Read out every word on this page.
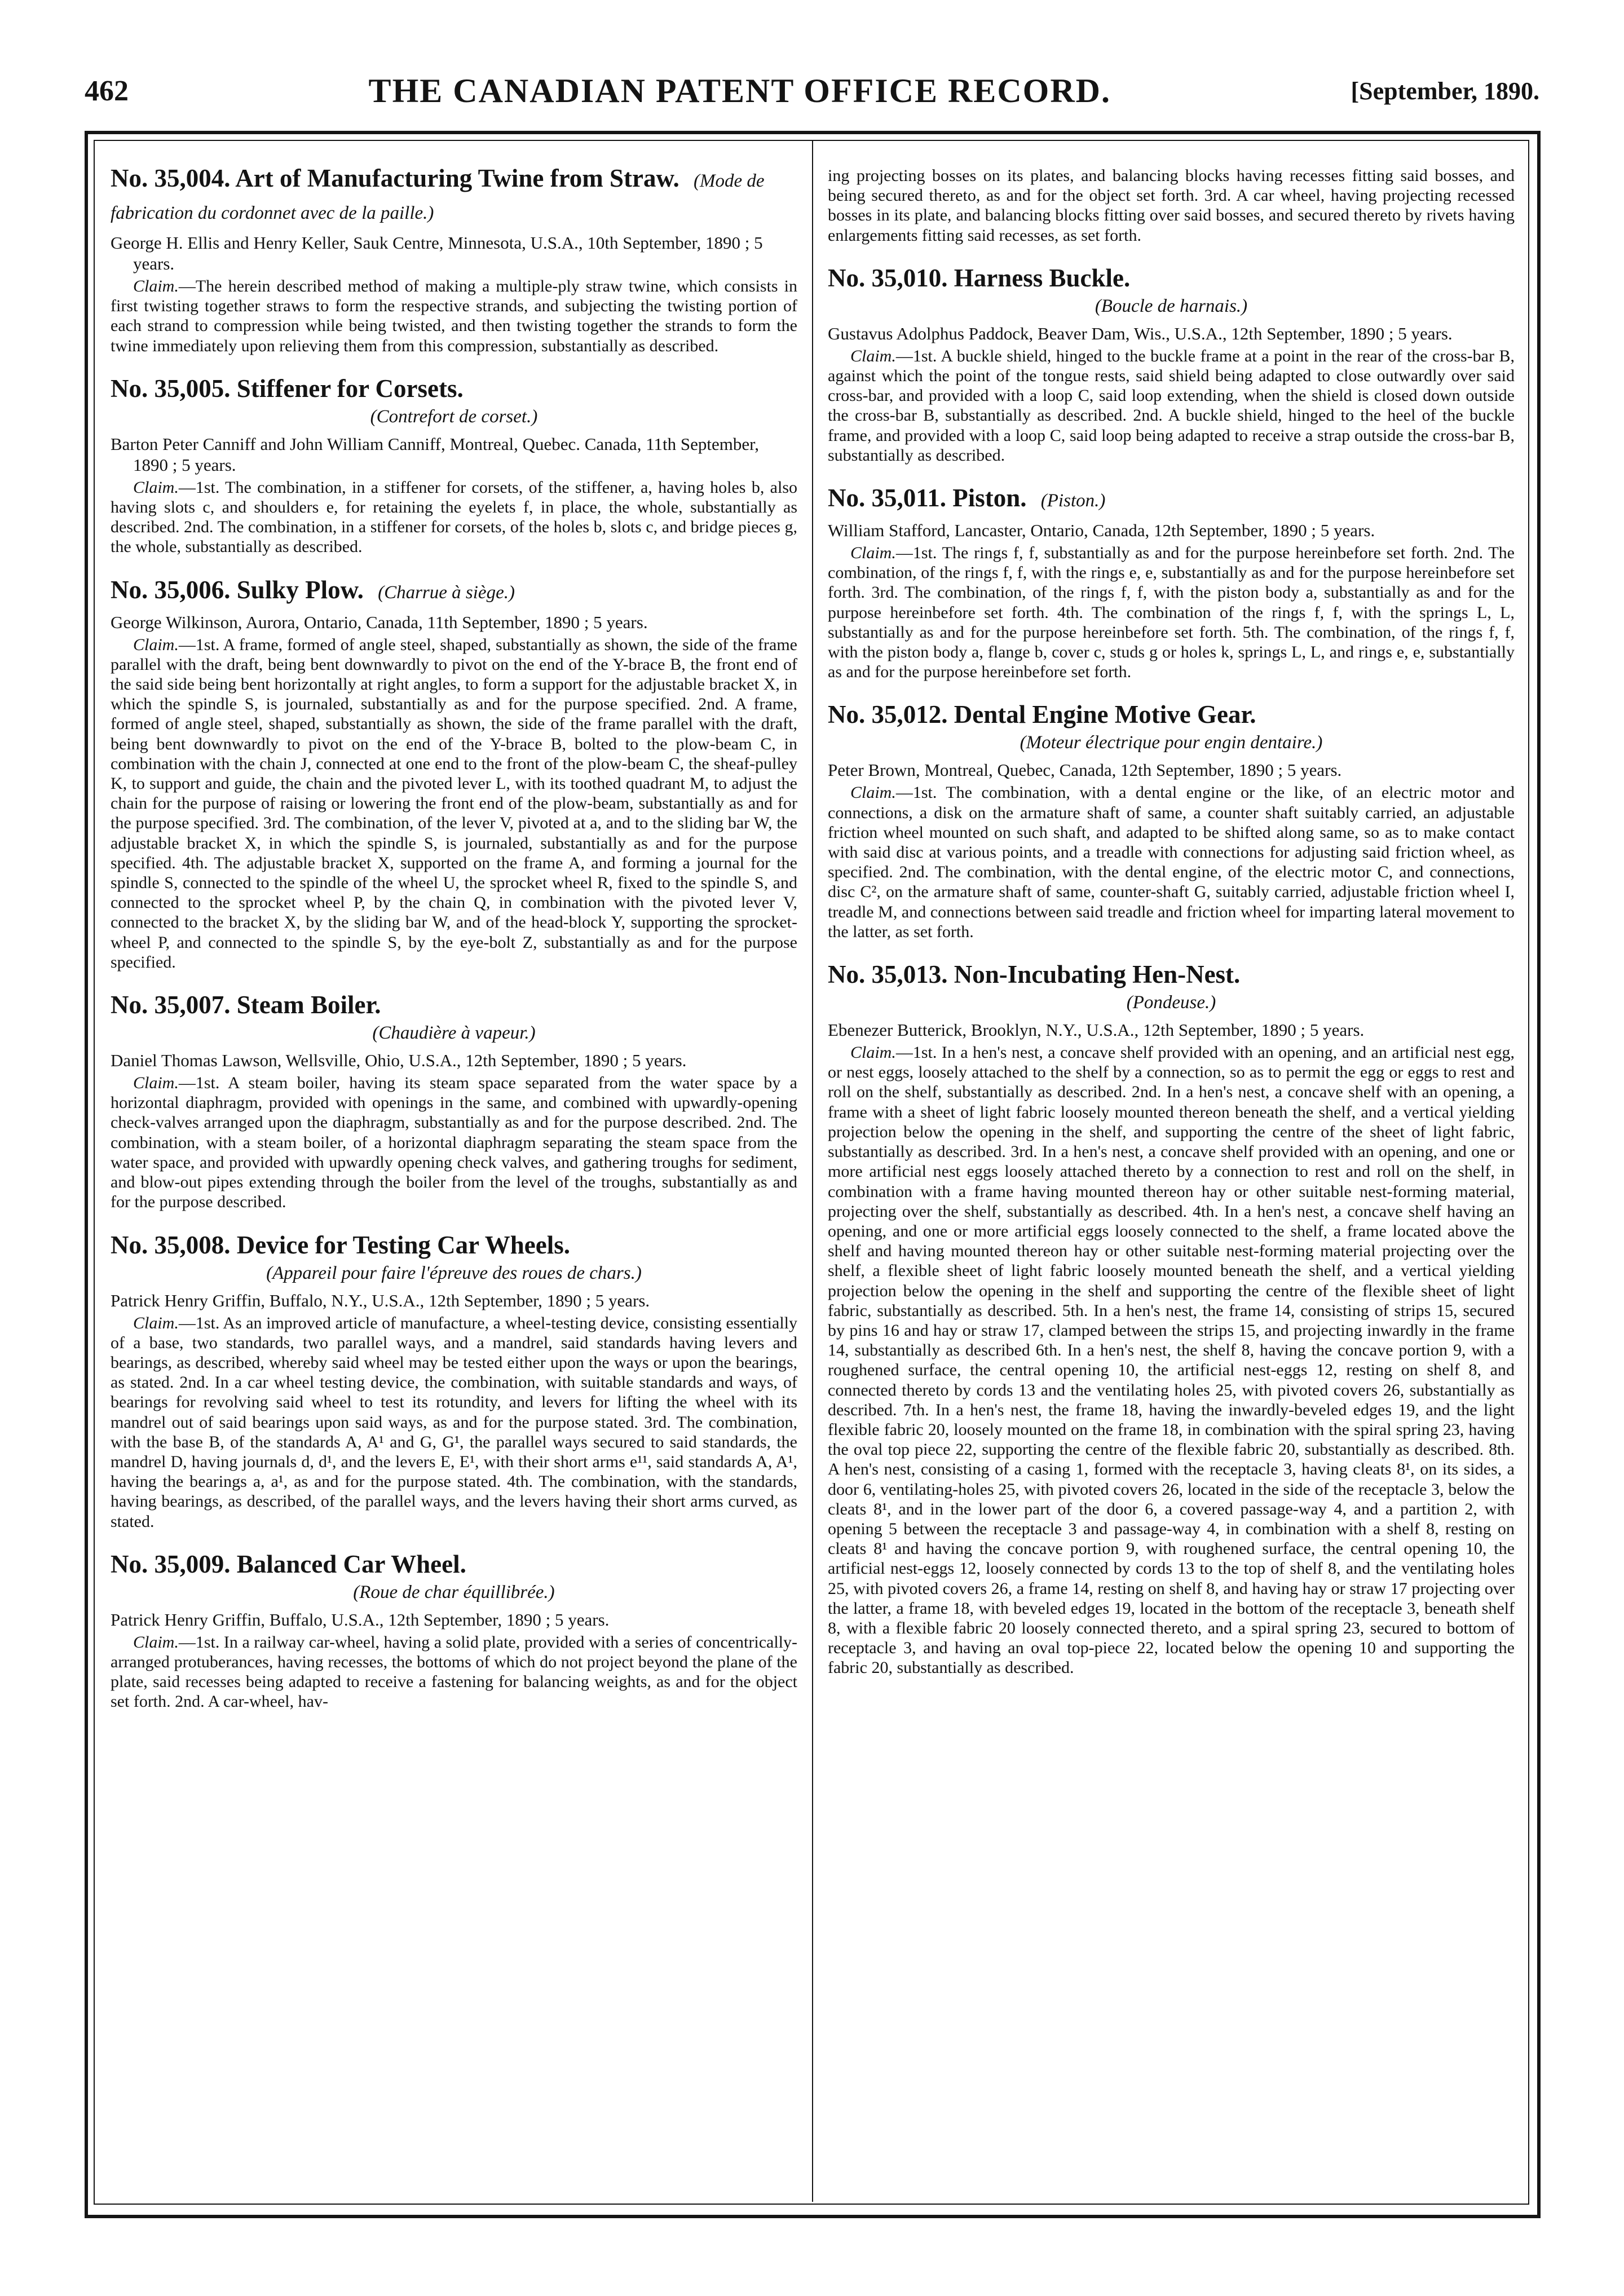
462	THE CANADIAN PATENT OFFICE RECORD.	[September, 1890.

No. 35,004. Art of Manufacturing Twine from Straw. (Mode de fabrication du cordonnet avec de la paille.)

George H. Ellis and Henry Keller, Sauk Centre, Minnesota, U.S.A., 10th September, 1890 ; 5 years.

Claim.—The herein described method of making a multiple-ply straw twine, which consists in first twisting together straws to form the respective strands, and subjecting the twisting portion of each strand to compression while being twisted, and then twisting together the strands to form the twine immediately upon relieving them from this compression, substantially as described.

No. 35,005. Stiffener for Corsets.

(Contrefort de corset.)

Barton Peter Canniff and John William Canniff, Montreal, Quebec. Canada, 11th September, 1890 ; 5 years.

Claim.—1st. The combination, in a stiffener for corsets, of the stiffener, a, having holes b, also having slots c, and shoulders e, for retaining the eyelets f, in place, the whole, substantially as described. 2nd. The combination, in a stiffener for corsets, of the holes b, slots c, and bridge pieces g, the whole, substantially as described.

No. 35,006. Sulky Plow. (Charrue à siège.)

George Wilkinson, Aurora, Ontario, Canada, 11th September, 1890 ; 5 years.

Claim.—1st. A frame, formed of angle steel, shaped, substantially as shown, the side of the frame parallel with the draft, being bent downwardly to pivot on the end of the Y-brace B, the front end of the said side being bent horizontally at right angles, to form a support for the adjustable bracket X, in which the spindle S, is journaled, substantially as and for the purpose specified. 2nd. A frame, formed of angle steel, shaped, substantially as shown, the side of the frame parallel with the draft, being bent downwardly to pivot on the end of the Y-brace B, bolted to the plow-beam C, in combination with the chain J, connected at one end to the front of the plow-beam C, the sheaf-pulley K, to support and guide, the chain and the pivoted lever L, with its toothed quadrant M, to adjust the chain for the purpose of raising or lowering the front end of the plow-beam, substantially as and for the purpose specified. 3rd. The combination, of the lever V, pivoted at a, and to the sliding bar W, the adjustable bracket X, in which the spindle S, is journaled, substantially as and for the purpose specified. 4th. The adjustable bracket X, supported on the frame A, and forming a journal for the spindle S, connected to the spindle of the wheel U, the sprocket wheel R, fixed to the spindle S, and connected to the sprocket wheel P, by the chain Q, in combination with the pivoted lever V, connected to the bracket X, by the sliding bar W, and of the head-block Y, supporting the sprocket-wheel P, and connected to the spindle S, by the eye-bolt Z, substantially as and for the purpose specified.

No. 35,007. Steam Boiler.

(Chaudière à vapeur.)

Daniel Thomas Lawson, Wellsville, Ohio, U.S.A., 12th September, 1890 ; 5 years.

Claim.—1st. A steam boiler, having its steam space separated from the water space by a horizontal diaphragm, provided with openings in the same, and combined with upwardly-opening check-valves arranged upon the diaphragm, substantially as and for the purpose described. 2nd. The combination, with a steam boiler, of a horizontal diaphragm separating the steam space from the water space, and provided with upwardly opening check valves, and gathering troughs for sediment, and blow-out pipes extending through the boiler from the level of the troughs, substantially as and for the purpose described.

No. 35,008. Device for Testing Car Wheels.

(Appareil pour faire l'épreuve des roues de chars.)

Patrick Henry Griffin, Buffalo, N.Y., U.S.A., 12th September, 1890 ; 5 years.

Claim.—1st. As an improved article of manufacture, a wheel-testing device, consisting essentially of a base, two standards, two parallel ways, and a mandrel, said standards having levers and bearings, as described, whereby said wheel may be tested either upon the ways or upon the bearings, as stated. 2nd. In a car wheel testing device, the combination, with suitable standards and ways, of bearings for revolving said wheel to test its rotundity, and levers for lifting the wheel with its mandrel out of said bearings upon said ways, as and for the purpose stated. 3rd. The combination, with the base B, of the standards A, A¹ and G, G¹, the parallel ways secured to said standards, the mandrel D, having journals d, d¹, and the levers E, E¹, with their short arms e¹¹, said standards A, A¹, having the bearings a, a¹, as and for the purpose stated. 4th. The combination, with the standards, having bearings, as described, of the parallel ways, and the levers having their short arms curved, as stated.

No. 35,009. Balanced Car Wheel.

(Roue de char équillibrée.)

Patrick Henry Griffin, Buffalo, U.S.A., 12th September, 1890 ; 5 years.

Claim.—1st. In a railway car-wheel, having a solid plate, provided with a series of concentrically-arranged protuberances, having recesses, the bottoms of which do not project beyond the plane of the plate, said recesses being adapted to receive a fastening for balancing weights, as and for the object set forth. 2nd. A car-wheel, hav-

ing projecting bosses on its plates, and balancing blocks having recesses fitting said bosses, and being secured thereto, as and for the object set forth. 3rd. A car wheel, having projecting recessed bosses in its plate, and balancing blocks fitting over said bosses, and secured thereto by rivets having enlargements fitting said recesses, as set forth.

No. 35,010. Harness Buckle.

(Boucle de harnais.)

Gustavus Adolphus Paddock, Beaver Dam, Wis., U.S.A., 12th September, 1890 ; 5 years.

Claim.—1st. A buckle shield, hinged to the buckle frame at a point in the rear of the cross-bar B, against which the point of the tongue rests, said shield being adapted to close outwardly over said cross-bar, and provided with a loop C, said loop extending, when the shield is closed down outside the cross-bar B, substantially as described. 2nd. A buckle shield, hinged to the heel of the buckle frame, and provided with a loop C, said loop being adapted to receive a strap outside the cross-bar B, substantially as described.

No. 35,011. Piston. (Piston.)

William Stafford, Lancaster, Ontario, Canada, 12th September, 1890 ; 5 years.

Claim.—1st. The rings f, f, substantially as and for the purpose hereinbefore set forth. 2nd. The combination, of the rings f, f, with the rings e, e, substantially as and for the purpose hereinbefore set forth. 3rd. The combination, of the rings f, f, with the piston body a, substantially as and for the purpose hereinbefore set forth. 4th. The combination of the rings f, f, with the springs L, L, substantially as and for the purpose hereinbefore set forth. 5th. The combination, of the rings f, f, with the piston body a, flange b, cover c, studs g or holes k, springs L, L, and rings e, e, substantially as and for the purpose hereinbefore set forth.

No. 35,012. Dental Engine Motive Gear.

(Moteur électrique pour engin dentaire.)

Peter Brown, Montreal, Quebec, Canada, 12th September, 1890 ; 5 years.

Claim.—1st. The combination, with a dental engine or the like, of an electric motor and connections, a disk on the armature shaft of same, a counter shaft suitably carried, an adjustable friction wheel mounted on such shaft, and adapted to be shifted along same, so as to make contact with said disc at various points, and a treadle with connections for adjusting said friction wheel, as specified. 2nd. The combination, with the dental engine, of the electric motor C, and connections, disc C², on the armature shaft of same, counter-shaft G, suitably carried, adjustable friction wheel I, treadle M, and connections between said treadle and friction wheel for imparting lateral movement to the latter, as set forth.

No. 35,013. Non-Incubating Hen-Nest.

(Pondeuse.)

Ebenezer Butterick, Brooklyn, N.Y., U.S.A., 12th September, 1890 ; 5 years.

Claim.—1st. In a hen's nest, a concave shelf provided with an opening, and an artificial nest egg, or nest eggs, loosely attached to the shelf by a connection, so as to permit the egg or eggs to rest and roll on the shelf, substantially as described. 2nd. In a hen's nest, a concave shelf with an opening, a frame with a sheet of light fabric loosely mounted thereon beneath the shelf, and a vertical yielding projection below the opening in the shelf, and supporting the centre of the sheet of light fabric, substantially as described. 3rd. In a hen's nest, a concave shelf provided with an opening, and one or more artificial nest eggs loosely attached thereto by a connection to rest and roll on the shelf, in combination with a frame having mounted thereon hay or other suitable nest-forming material, projecting over the shelf, substantially as described. 4th. In a hen's nest, a concave shelf having an opening, and one or more artificial eggs loosely connected to the shelf, a frame located above the shelf and having mounted thereon hay or other suitable nest-forming material projecting over the shelf, a flexible sheet of light fabric loosely mounted beneath the shelf, and a vertical yielding projection below the opening in the shelf and supporting the centre of the flexible sheet of light fabric, substantially as described. 5th. In a hen's nest, the frame 14, consisting of strips 15, secured by pins 16 and hay or straw 17, clamped between the strips 15, and projecting inwardly in the frame 14, substantially as described 6th. In a hen's nest, the shelf 8, having the concave portion 9, with a roughened surface, the central opening 10, the artificial nest-eggs 12, resting on shelf 8, and connected thereto by cords 13 and the ventilating holes 25, with pivoted covers 26, substantially as described. 7th. In a hen's nest, the frame 18, having the inwardly-beveled edges 19, and the light flexible fabric 20, loosely mounted on the frame 18, in combination with the spiral spring 23, having the oval top piece 22, supporting the centre of the flexible fabric 20, substantially as described. 8th. A hen's nest, consisting of a casing 1, formed with the receptacle 3, having cleats 8¹, on its sides, a door 6, ventilating-holes 25, with pivoted covers 26, located in the side of the receptacle 3, below the cleats 8¹, and in the lower part of the door 6, a covered passage-way 4, and a partition 2, with opening 5 between the receptacle 3 and passage-way 4, in combination with a shelf 8, resting on cleats 8¹ and having the concave portion 9, with roughened surface, the central opening 10, the artificial nest-eggs 12, loosely connected by cords 13 to the top of shelf 8, and the ventilating holes 25, with pivoted covers 26, a frame 14, resting on shelf 8, and having hay or straw 17 projecting over the latter, a frame 18, with beveled edges 19, located in the bottom of the receptacle 3, beneath shelf 8, with a flexible fabric 20 loosely connected thereto, and a spiral spring 23, secured to bottom of receptacle 3, and having an oval top-piece 22, located below the opening 10 and supporting the fabric 20, substantially as described.
